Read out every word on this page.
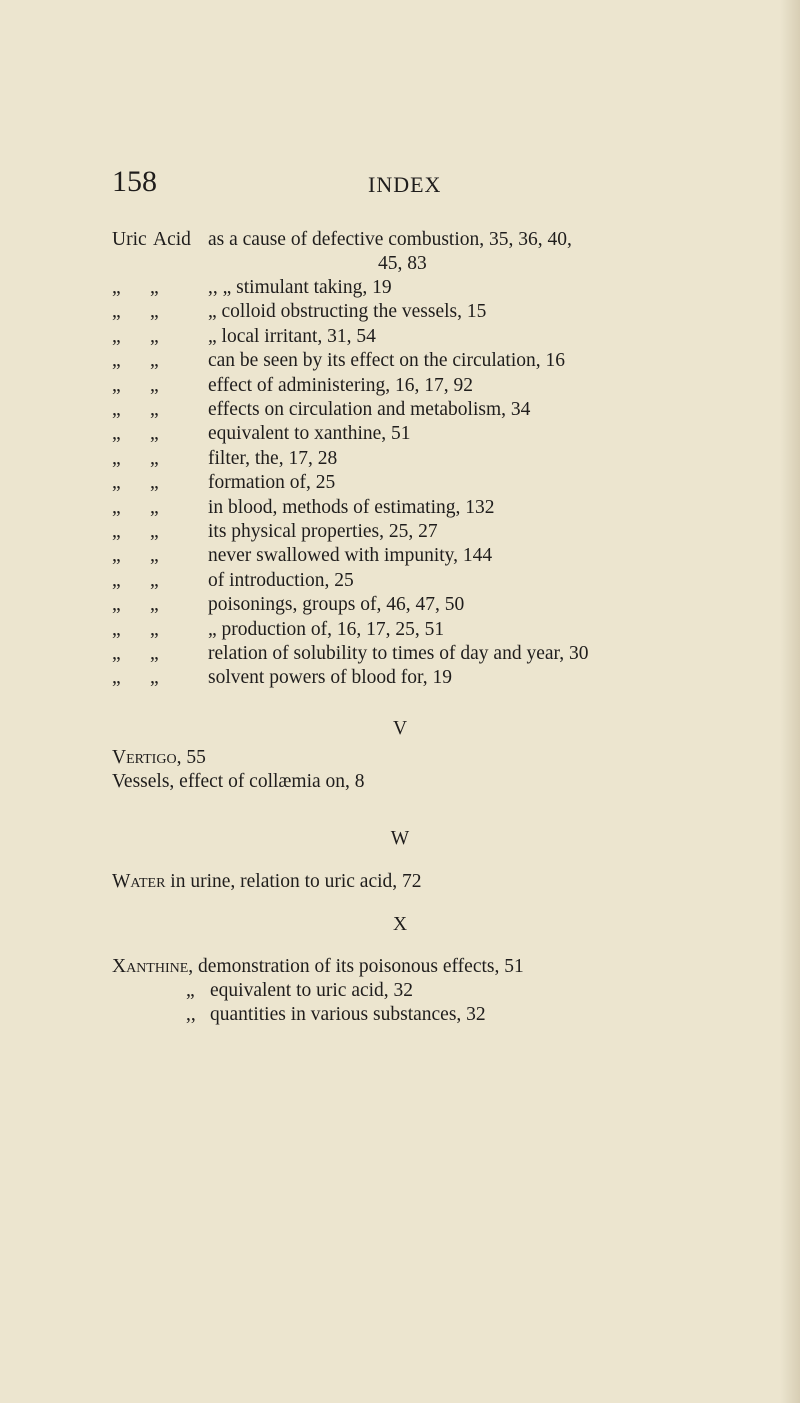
158	INDEX
Uric Acid as a cause of defective combustion, 35, 36, 40,
45, 83
„ „	,, „ stimulant taking, 19
„ „	„ colloid obstructing the vessels, 15
„ „	„ local irritant, 31, 54
„ „	can be seen by its effect on the circulation, 16
„ „	effect of administering, 16, 17, 92
„ „	effects on circulation and metabolism, 34
„ „	equivalent to xanthine, 51
„ „	filter, the, 17, 28
„ „	formation of, 25
„ „	in blood, methods of estimating, 132
„ „	its physical properties, 25, 27
„ „	never swallowed with impunity, 144
„ „	of introduction, 25
„ „	poisonings, groups of, 46, 47, 50
„ „	„ production of, 16, 17, 25, 51
„ „	relation of solubility to times of day and year, 30
„ „	solvent powers of blood for, 19
V
Vertigo, 55
Vessels, effect of collæmia on, 8
W
Water in urine, relation to uric acid, 72
X
Xanthine, demonstration of its poisonous effects, 51
„ equivalent to uric acid, 32
,, quantities in various substances, 32
